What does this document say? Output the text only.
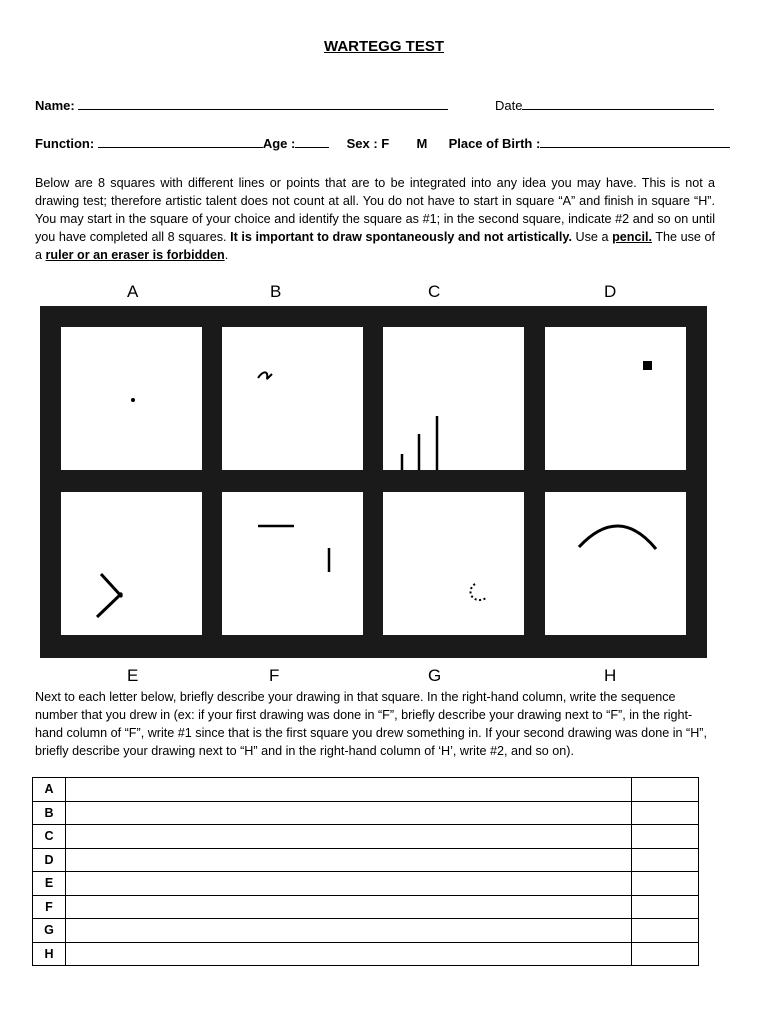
WARTEGG TEST
Name:	Date
Function:	Age :	Sex : F M Place of Birth :
Below are 8 squares with different lines or points that are to be integrated into any idea you may have. This is not a drawing test; therefore artistic talent does not count at all. You do not have to start in square “A” and finish in square “H”. You may start in the square of your choice and identify the square as #1; in the second square, indicate #2 and so on until you have completed all 8 squares. It is important to draw spontaneously and not artistically. Use a pencil. The use of a ruler or an eraser is forbidden.
A	B	C	D
E	F	G	H
Next to each letter below, briefly describe your drawing in that square. In the right-hand column, write the sequence number that you drew in (ex: if your first drawing was done in “F”, briefly describe your drawing next to “F”, in the right-hand column of “F”, write #1 since that is the first square you drew something in. If your second drawing was done in “H”, briefly describe your drawing next to “H” and in the right-hand column of ‘H’, write #2, and so on).
A		
B		
C		
D		
E		
F		
G		
H		
